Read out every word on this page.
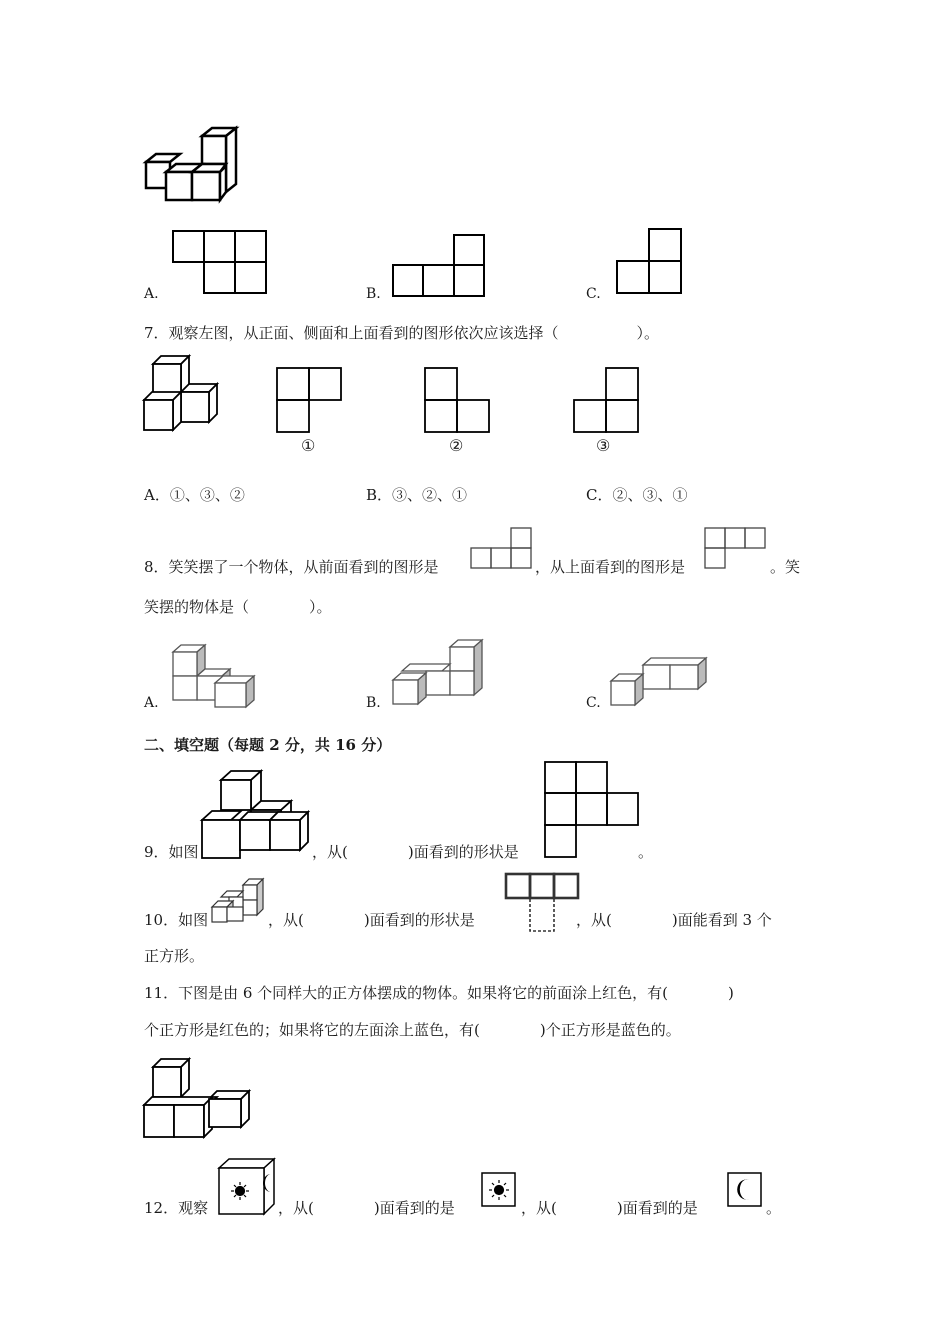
A.	B.	C.
7．观察左图，从正面、侧面和上面看到的图形依次应该选择（	）。
①	②	③
A．①、③、②	B．③、②、①	C．②、③、①
8．笑笑摆了一个物体，从前面看到的图形是	，从上面看到的图形是	。笑
笑摆的物体是（　　　　）。
A.	B.	C.
二、填空题（每题 2 分，共 16 分）
9．如图	，从(　　　　)面看到的形状是	。
10．如图	，从(　　　　)面看到的形状是	，从(　　　　)面能看到 3 个
正方形。
11．下图是由 6 个同样大的正方体摆成的物体。如果将它的前面涂上红色，有(　　　　)
个正方形是红色的；如果将它的左面涂上蓝色，有(　　　　)个正方形是蓝色的。
12．观察	，从(　　　　)面看到的是	，从(　　　　)面看到的是	。
